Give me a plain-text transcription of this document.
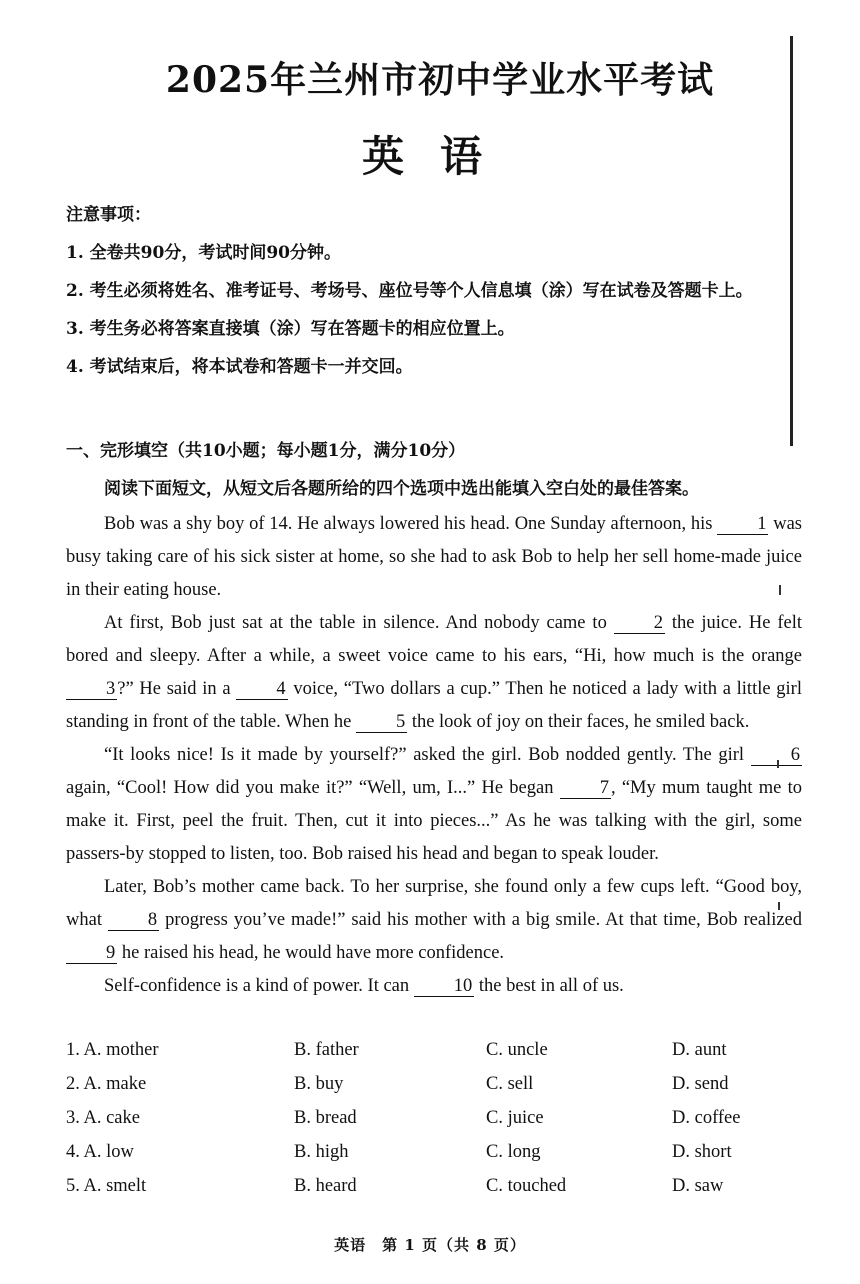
2025年兰州市初中学业水平考试
英语
注意事项：
1. 全卷共90分，考试时间90分钟。
2. 考生必须将姓名、准考证号、考场号、座位号等个人信息填（涂）写在试卷及答题卡上。
3. 考生务必将答案直接填（涂）写在答题卡的相应位置上。
4. 考试结束后，将本试卷和答题卡一并交回。
一、完形填空（共10小题；每小题1分，满分10分）
阅读下面短文，从短文后各题所给的四个选项中选出能填入空白处的最佳答案。

Bob was a shy boy of 14. He always lowered his head. One Sunday afternoon, his 1 was busy taking care of his sick sister at home, so she had to ask Bob to help her sell home-made juice in their eating house.

At first, Bob just sat at the table in silence. And nobody came to 2 the juice. He felt bored and sleepy. After a while, a sweet voice came to his ears, “Hi, how much is the orange 3 ?” He said in a 4 voice, “Two dollars a cup.” Then he noticed a lady with a little girl standing in front of the table. When he 5 the look of joy on their faces, he smiled back.

“It looks nice! Is it made by yourself?” asked the girl. Bob nodded gently. The girl 6 again, “Cool! How did you make it?” “Well, um, I...” He began 7 , “My mum taught me to make it. First, peel the fruit. Then, cut it into pieces...” As he was talking with the girl, some passers-by stopped to listen, too. Bob raised his head and began to speak louder.

Later, Bob’s mother came back. To her surprise, she found only a few cups left. “Good boy, what 8 progress you’ve made!” said his mother with a big smile. At that time, Bob realized 9 he raised his head, he would have more confidence.

Self-confidence is a kind of power. It can 10 the best in all of us.

1. A. mother	B. father	C. uncle	D. aunt
2. A. make	B. buy	C. sell	D. send
3. A. cake	B. bread	C. juice	D. coffee
4. A. low	B. high	C. long	D. short
5. A. smelt	B. heard	C. touched	D. saw
英语　第 1 页（共 8 页）
